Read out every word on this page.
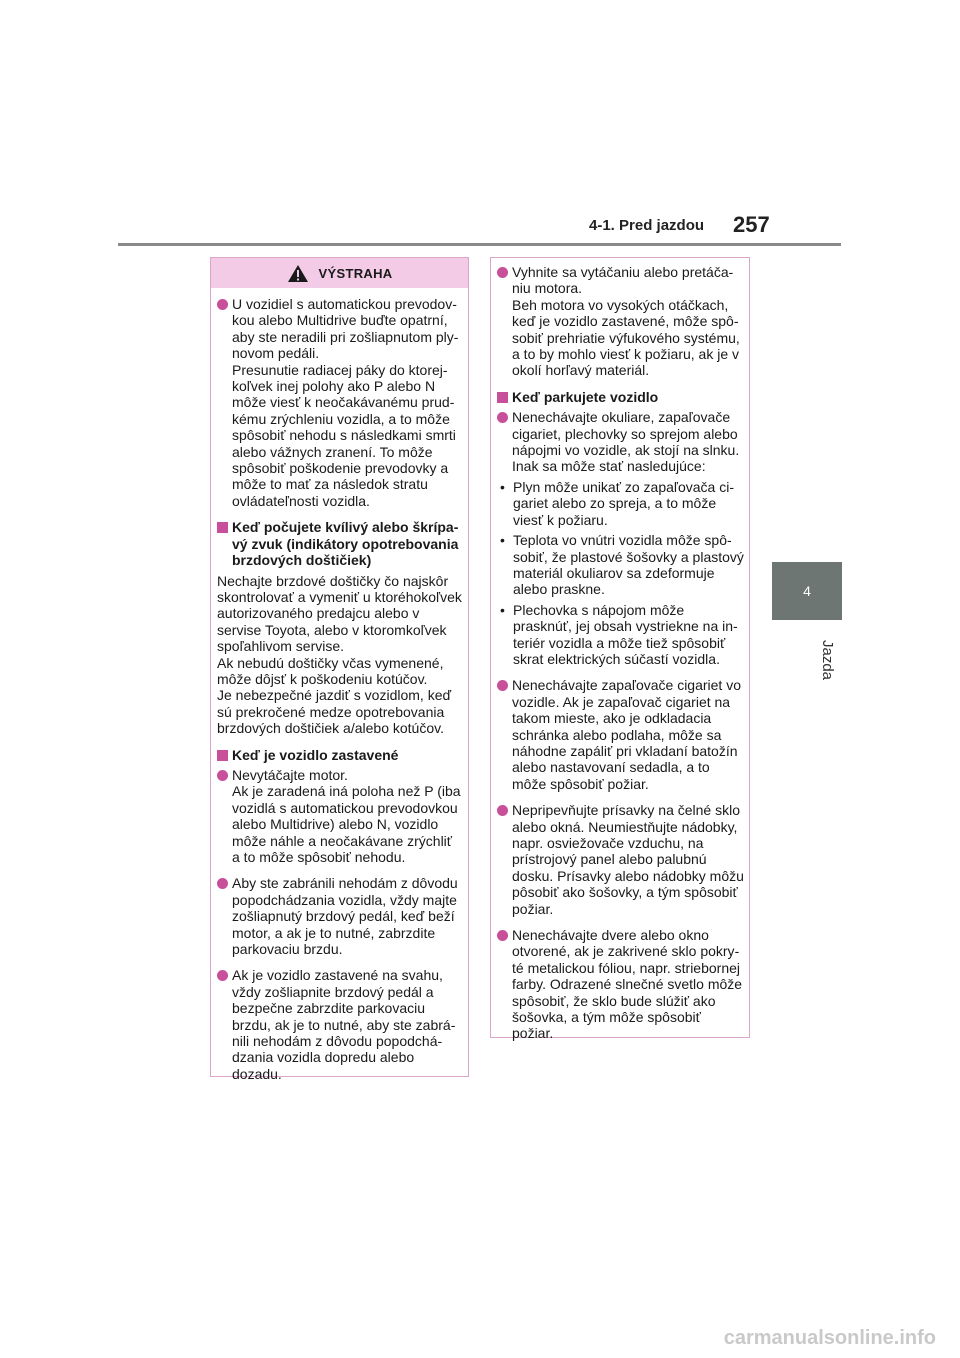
4-1. Pred jazdou 257
4
Jazda
VÝSTRAHA
U vozidiel s automatickou prevodovkou alebo Multidrive buďte opatrní, aby ste neradili pri zošliapnutom plynovom pedáli.
Presunutie radiacej páky do ktorejkoľvek inej polohy ako P alebo N môže viesť k neočakávanému prudkému zrýchleniu vozidla, a to môže spôsobiť nehodu s následkami smrti alebo vážnych zranení. To môže spôsobiť poškodenie prevodovky a môže to mať za následok stratu ovládateľnosti vozidla.
Keď počujete kvílivý alebo škrípavý zvuk (indikátory opotrebovania brzdových doštičiek)
Nechajte brzdové doštičky čo najskôr skontrolovať a vymeniť u ktoréhokoľvek autorizovaného predajcu alebo v servise Toyota, alebo v ktoromkoľvek spoľahlivom servise.
Ak nebudú doštičky včas vymenené, môže dôjsť k poškodeniu kotúčov.
Je nebezpečné jazdiť s vozidlom, keď sú prekročené medze opotrebovania brzdových doštičiek a/alebo kotúčov.
Keď je vozidlo zastavené
Nevytáčajte motor.
Ak je zaradená iná poloha než P (iba vozidlá s automatickou prevodovkou alebo Multidrive) alebo N, vozidlo môže náhle a neočakávane zrýchliť a to môže spôsobiť nehodu.
Aby ste zabránili nehodám z dôvodu popodchádzania vozidla, vždy majte zošliapnutý brzdový pedál, keď beží motor, a ak je to nutné, zabrzdite parkovaciu brzdu.
Ak je vozidlo zastavené na svahu, vždy zošliapnite brzdový pedál a bezpečne zabrzdite parkovaciu brzdu, ak je to nutné, aby ste zabránili nehodám z dôvodu popodchádzania vozidla dopredu alebo dozadu.
Vyhnite sa vytáčaniu alebo pretáčaniu motora.
Beh motora vo vysokých otáčkach, keď je vozidlo zastavené, môže spôsobiť prehriatie výfukového systému, a to by mohlo viesť k požiaru, ak je v okolí horľavý materiál.
Keď parkujete vozidlo
Nenechávajte okuliare, zapaľovače cigariet, plechovky so sprejom alebo nápojmi vo vozidle, ak stojí na slnku. Inak sa môže stať nasledujúce:
• Plyn môže unikať zo zapaľovača cigariet alebo zo spreja, a to môže viesť k požiaru.
• Teplota vo vnútri vozidla môže spôsobiť, že plastové šošovky a plastový materiál okuliarov sa zdeformuje alebo praskne.
• Plechovka s nápojom môže prasknúť, jej obsah vystriekne na interiér vozidla a môže tiež spôsobiť skrat elektrických súčastí vozidla.
Nenechávajte zapaľovače cigariet vo vozidle. Ak je zapaľovač cigariet na takom mieste, ako je odkladacia schránka alebo podlaha, môže sa náhodne zapáliť pri vkladaní batožín alebo nastavovaní sedadla, a to môže spôsobiť požiar.
Nepripevňujte prísavky na čelné sklo alebo okná. Neumiestňujte nádobky, napr. osviežovače vzduchu, na prístrojový panel alebo palubnú dosku. Prísavky alebo nádobky môžu pôsobiť ako šošovky, a tým spôsobiť požiar.
Nenechávajte dvere alebo okno otvorené, ak je zakrivené sklo pokryté metalickou fóliou, napr. striebornej farby. Odrazené slnečné svetlo môže spôsobiť, že sklo bude slúžiť ako šošovka, a tým môže spôsobiť požiar.
carmanualsonline.info
